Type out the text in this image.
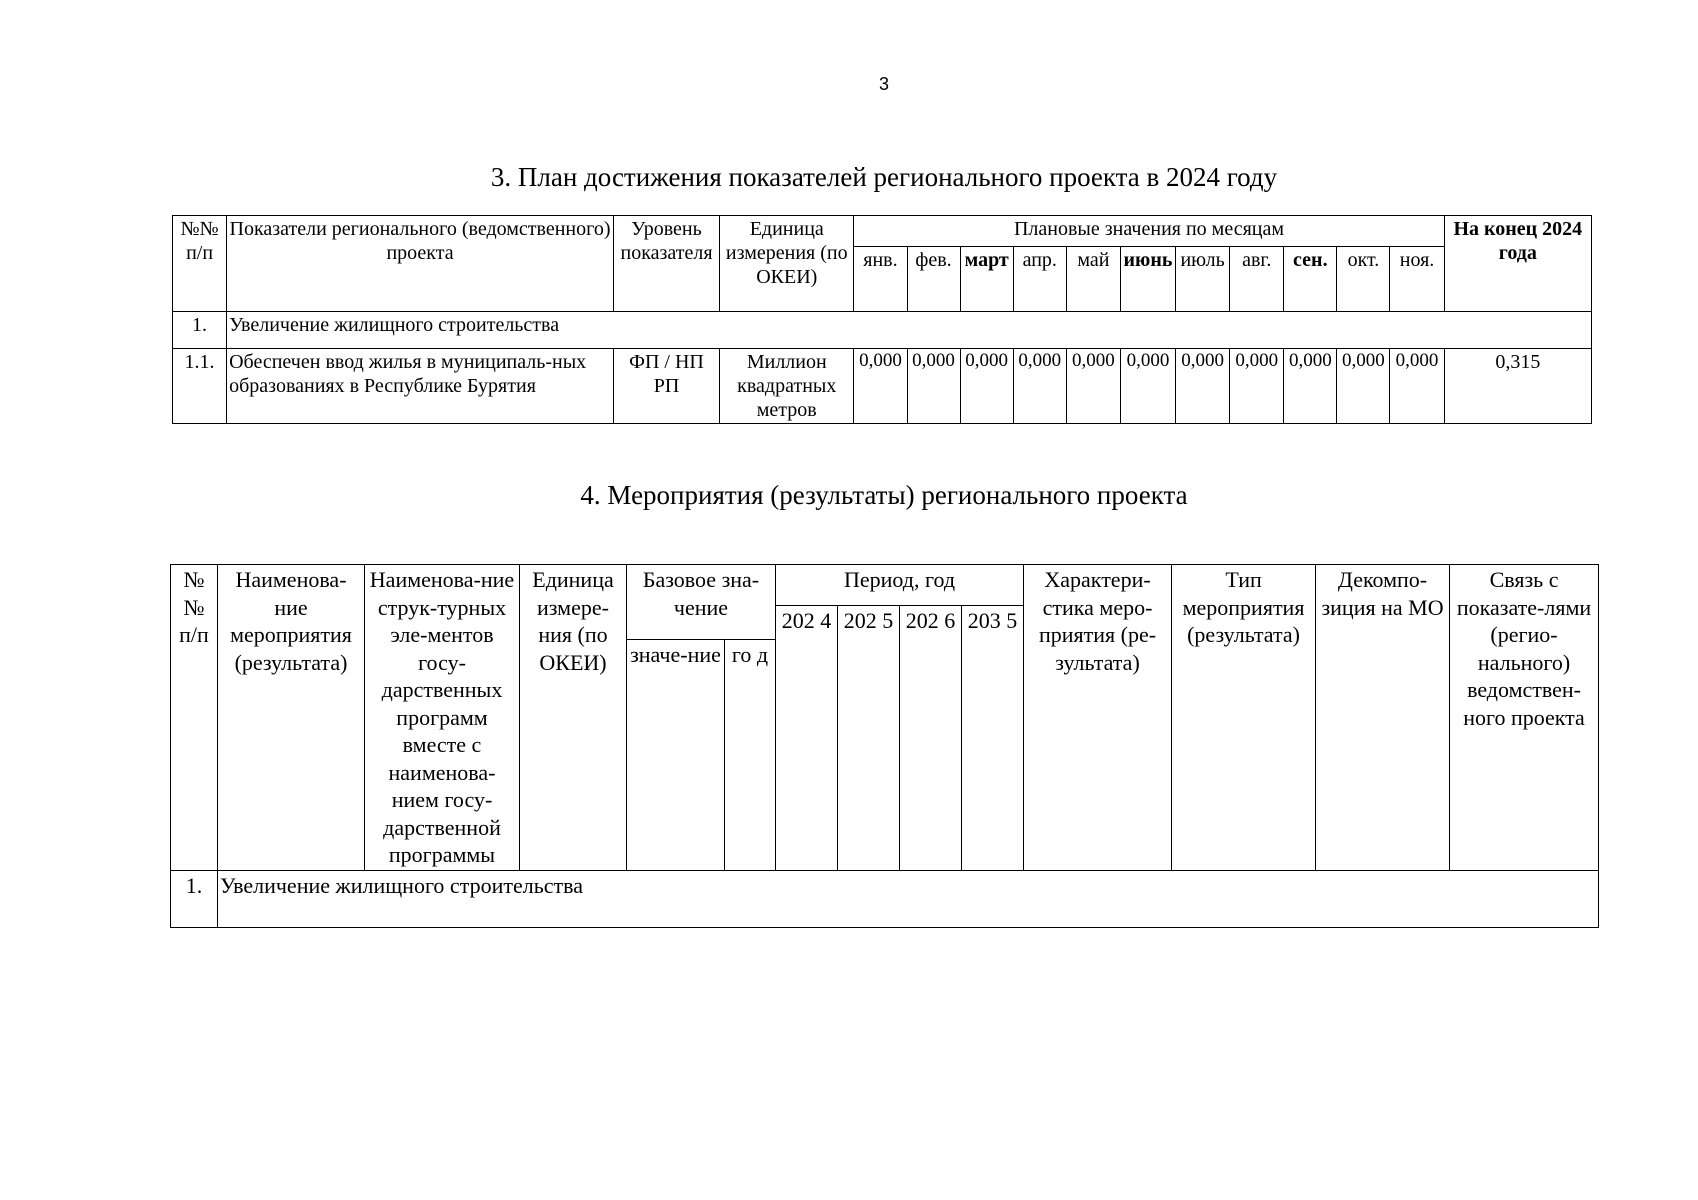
3
3. План достижения показателей регионального проекта в 2024 году
№№ п/п	Показатели регионального (ведомственного) проекта	Уровень показателя	Единица измерения (по ОКЕИ)	Плановые значения по месяцам											На конец 2024 года
				янв.	фев.	март	апр.	май	июнь	июль	авг.	сен.	окт.	ноя.	
1.	Увеличение жилищного строительства														
1.1.	Обеспечен ввод жилья в муниципаль-ных образованиях в Республике Бурятия	ФП / НП РП	Миллион квадратных метров	0,000	0,000	0,000	0,000	0,000	0,000	0,000	0,000	0,000	0,000	0,000	0,315
4. Мероприятия (результаты) регионального проекта
№ № п/п	Наименова-ние мероприятия (результата)	Наименова-ние струк-турных эле-ментов госу-дарственных программ вместе с наименова-нием госу-дарственной программы	Единица измере-ния (по ОКЕИ)	Базовое зна-чение		Период, год				Характери-стика меро-приятия (ре-зультата)	Тип мероприятия (результата)	Декомпо-зиция на МО	Связь с показате-лями (регио-нального) ведомствен-ного проекта
						202 4	202 5	202 6	203 5				
				значе-ние	го д								
1.	Увеличение жилищного строительства												
